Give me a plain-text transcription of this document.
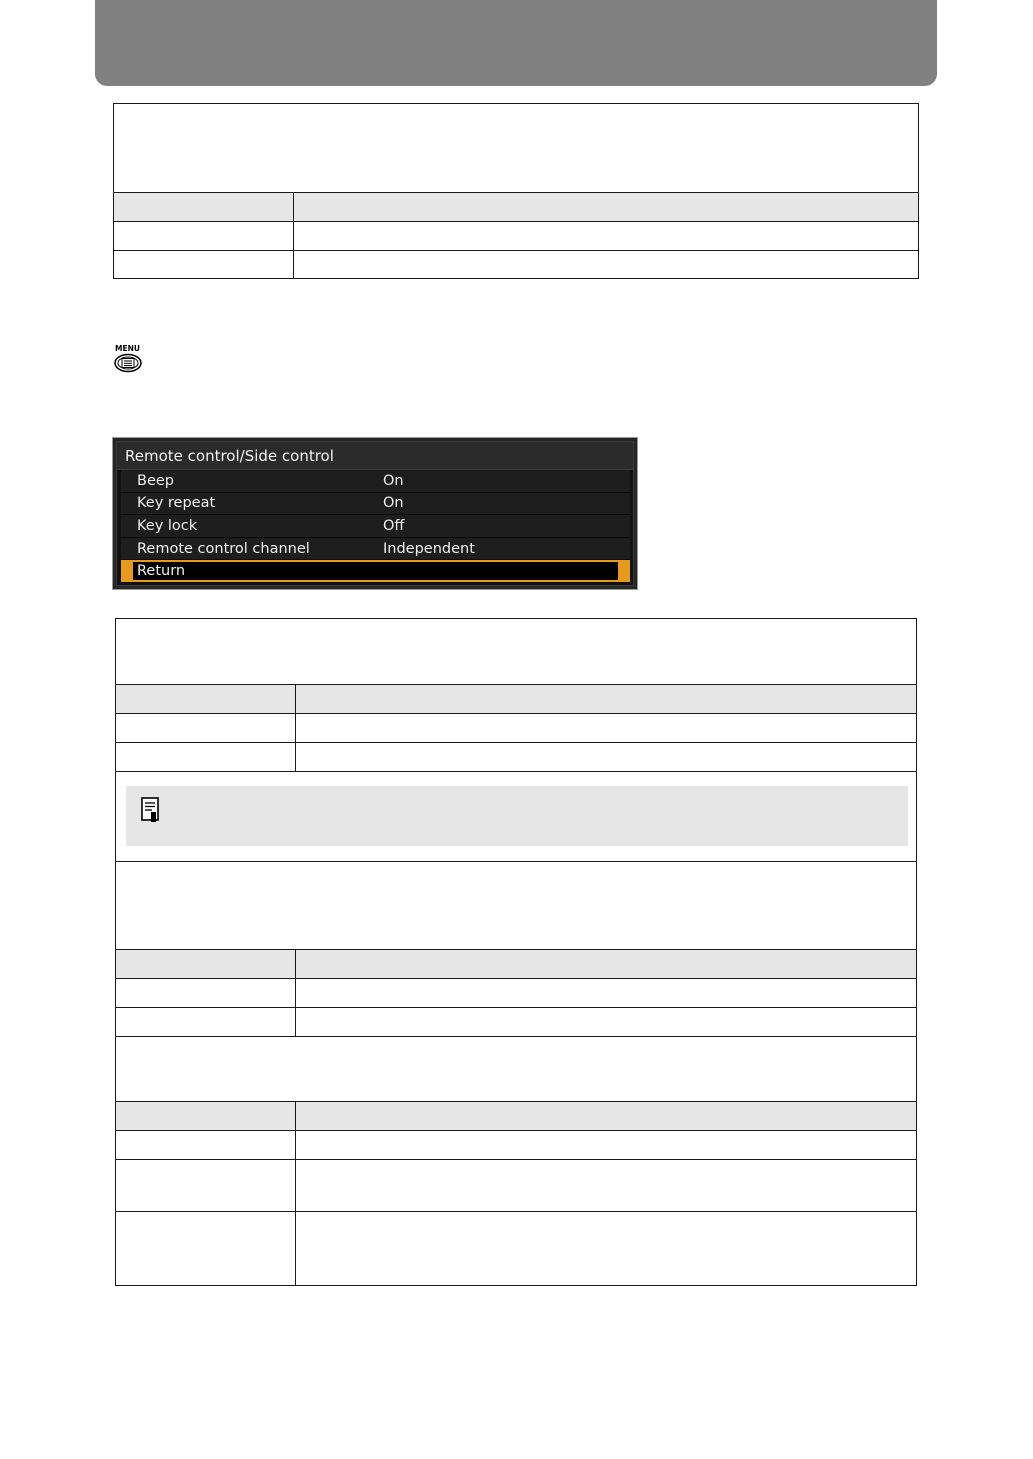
MENU
Remote control/Side control
Beep	On
Key repeat	On
Key lock	Off
Remote control channel	Independent
Return
